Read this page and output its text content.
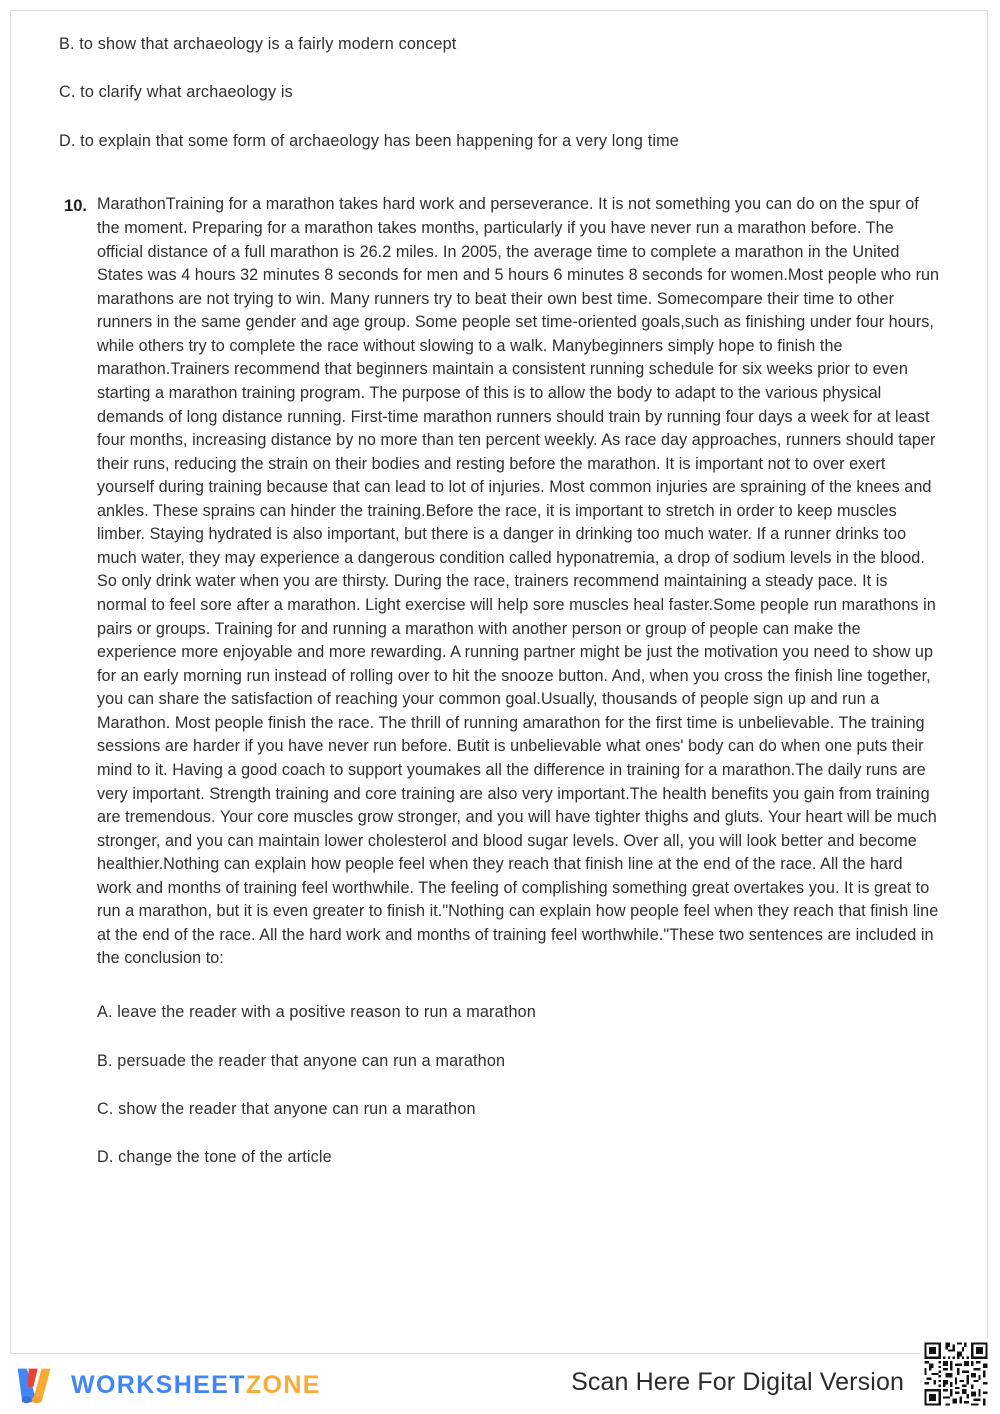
B. to show that archaeology is a fairly modern concept

C. to clarify what archaeology is

D. to explain that some form of archaeology has been happening for a very long time

10. MarathonTraining for a marathon takes hard work and perseverance. It is not something you can do on the spur of the moment. Preparing for a marathon takes months, particularly if you have never run a marathon before. The official distance of a full marathon is 26.2 miles. In 2005, the average time to complete a marathon in the United States was 4 hours 32 minutes 8 seconds for men and 5 hours 6 minutes 8 seconds for women.Most people who run marathons are not trying to win. Many runners try to beat their own best time. Somecompare their time to other runners in the same gender and age group. Some people set time-oriented goals,such as finishing under four hours, while others try to complete the race without slowing to a walk. Manybeginners simply hope to finish the marathon.Trainers recommend that beginners maintain a consistent running schedule for six weeks prior to even starting a marathon training program. The purpose of this is to allow the body to adapt to the various physical demands of long distance running. First-time marathon runners should train by running four days a week for at least four months, increasing distance by no more than ten percent weekly. As race day approaches, runners should taper their runs, reducing the strain on their bodies and resting before the marathon. It is important not to over exert yourself during training because that can lead to lot of injuries. Most common injuries are spraining of the knees and ankles. These sprains can hinder the training.Before the race, it is important to stretch in order to keep muscles limber. Staying hydrated is also important, but there is a danger in drinking too much water. If a runner drinks too much water, they may experience a dangerous condition called hyponatremia, a drop of sodium levels in the blood. So only drink water when you are thirsty. During the race, trainers recommend maintaining a steady pace. It is normal to feel sore after a marathon. Light exercise will help sore muscles heal faster.Some people run marathons in pairs or groups. Training for and running a marathon with another person or group of people can make the experience more enjoyable and more rewarding. A running partner might be just the motivation you need to show up for an early morning run instead of rolling over to hit the snooze button. And, when you cross the finish line together, you can share the satisfaction of reaching your common goal.Usually, thousands of people sign up and run a Marathon. Most people finish the race. The thrill of running amarathon for the first time is unbelievable. The training sessions are harder if you have never run before. Butit is unbelievable what ones' body can do when one puts their mind to it. Having a good coach to support youmakes all the difference in training for a marathon.The daily runs are very important. Strength training and core training are also very important.The health benefits you gain from training are tremendous. Your core muscles grow stronger, and you will have tighter thighs and gluts. Your heart will be much stronger, and you can maintain lower cholesterol and blood sugar levels. Over all, you will look better and become healthier.Nothing can explain how people feel when they reach that finish line at the end of the race. All the hard work and months of training feel worthwhile. The feeling of complishing something great overtakes you. It is great to run a marathon, but it is even greater to finish it."Nothing can explain how people feel when they reach that finish line at the end of the race. All the hard work and months of training feel worthwhile."These two sentences are included in the conclusion to:

A. leave the reader with a positive reason to run a marathon

B. persuade the reader that anyone can run a marathon

C. show the reader that anyone can run a marathon

D. change the tone of the article

WORKSHEETZONE	Scan Here For Digital Version
